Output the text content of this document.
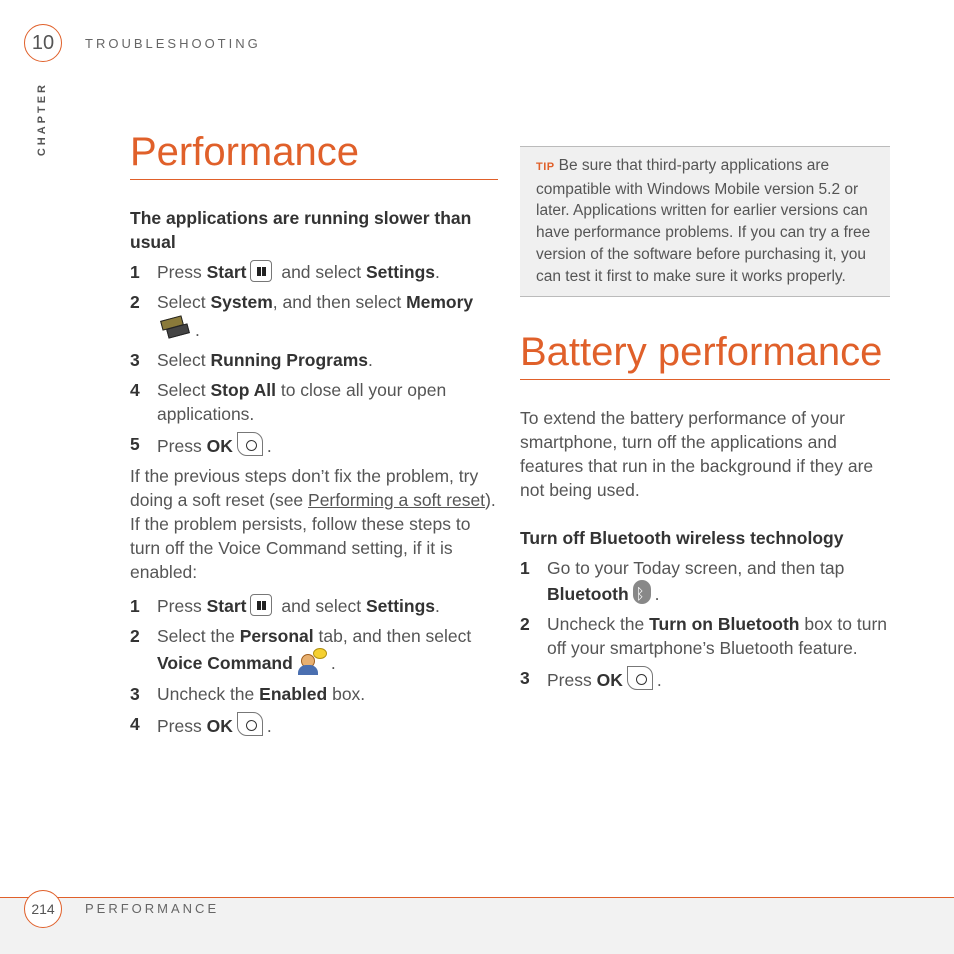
10	TROUBLESHOOTING
CHAPTER Performance
The applications are running slower than usual
1 Press Start and select Settings.
2 Select System, and then select Memory
.
3 Select Running Programs.
4 Select Stop All to close all your open applications.
5 Press OK .

If the previous steps don’t fix the problem, try doing a soft reset (see Performing a soft reset). If the problem persists, follow these steps to turn off the Voice Command setting, if it is enabled:

1 Press Start and select Settings.
2 Select the Personal tab, and then select Voice Command .
3 Uncheck the Enabled box.
4 Press OK .
TIP Be sure that third-party applications are compatible with Windows Mobile version 5.2 or later. Applications written for earlier versions can have performance problems. If you can try a free version of the software before purchasing it, you can test it first to make sure it works properly.
Battery performance

To extend the battery performance of your smartphone, turn off the applications and features that run in the background if they are not being used.

Turn off Bluetooth wireless technology
1 Go to your Today screen, and then tap Bluetoothᛒ .
2 Uncheck the Turn on Bluetooth box to turn off your smartphone’s Bluetooth feature.
3 Press OK .
214	PERFORMANCE
